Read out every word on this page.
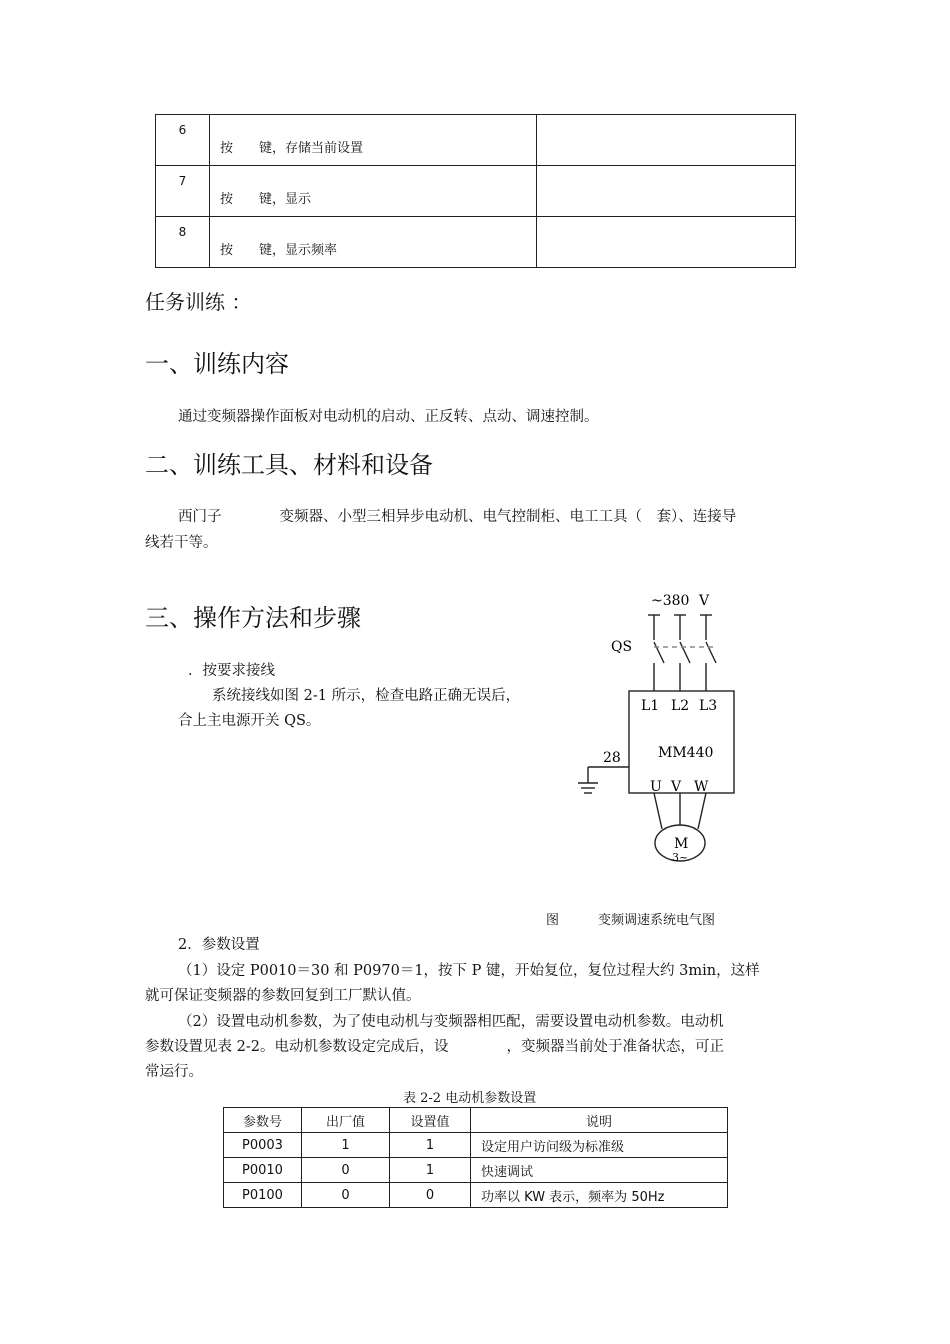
6	按　　键，存储当前设置	

7	按　　键，显示	

8	按　　键，显示频率	

任务训练 ：
一、训练内容
通过变频器操作面板对电动机的启动、正反转、点动、调速控制。
二、训练工具、材料和设备
西门子　　　　变频器、小型三相异步电动机、电气控制柜、电工工具（　套）、连接导
线若干等。
三、操作方法和步骤
．按要求接线
系统接线如图 2-1 所示，检查电路正确无误后，
合上主电源开关 QS。
~380 V
QS
L1 L2 L3
MM440
U V W
28
M
3~
图　　　变频调速系统电气图
2．参数设置
（1）设定 P0010＝30 和 P0970＝1，按下 P 键，开始复位，复位过程大约 3min，这样
就可保证变频器的参数回复到工厂默认值。
（2）设置电动机参数，为了使电动机与变频器相匹配，需要设置电动机参数。电动机
参数设置见表 2-2。电动机参数设定完成后，设　　　　，变频器当前处于准备状态，可正
常运行。
表 2-2 电动机参数设置
参数号	出厂值	设置值	说明
P0003	1	1	设定用户访问级为标准级
P0010	0	1	快速调试
P0100	0	0	功率以 KW 表示，频率为 50Hz
